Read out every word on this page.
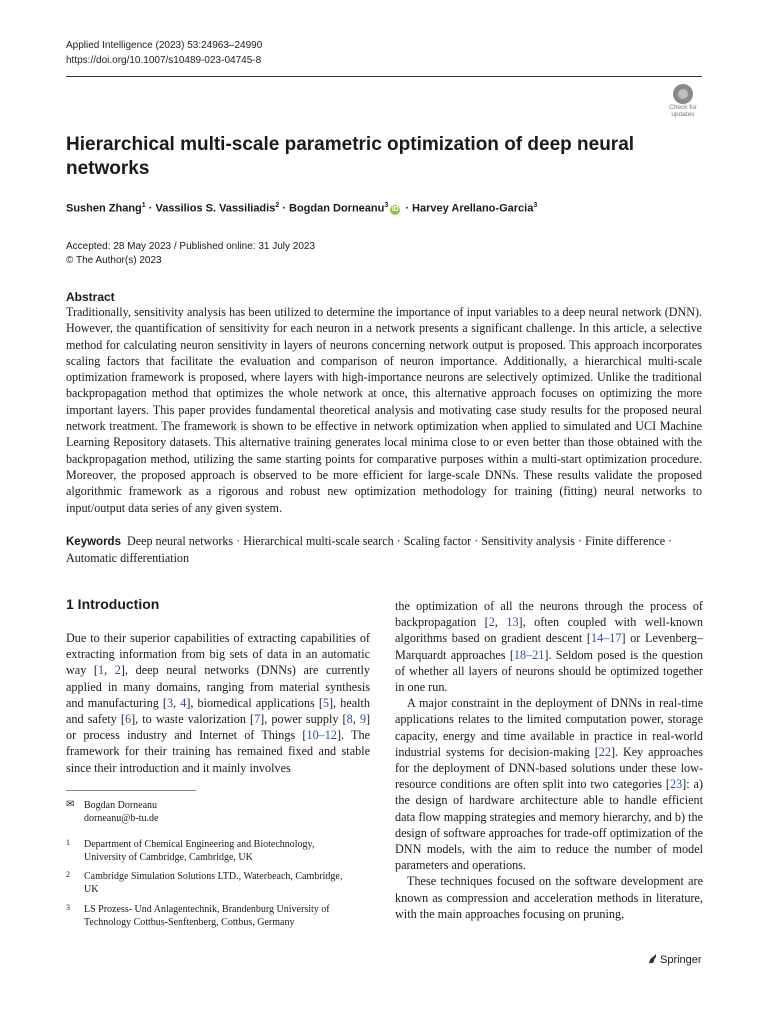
Applied Intelligence (2023) 53:24963–24990
https://doi.org/10.1007/s10489-023-04745-8
Check for updates
Hierarchical multi-scale parametric optimization of deep neural networks
Sushen Zhang$^1$ · Vassilios S. Vassiliadis$^2$ · Bogdan Dorneanu$^3$iD · Harvey Arellano-Garcia$^3$
Accepted: 28 May 2023 / Published online: 31 July 2023
© The Author(s) 2023
Abstract
Traditionally, sensitivity analysis has been utilized to determine the importance of input variables to a deep neural network (DNN). However, the quantification of sensitivity for each neuron in a network presents a significant challenge. In this article, a selective method for calculating neuron sensitivity in layers of neurons concerning network output is proposed. This approach incorporates scaling factors that facilitate the evaluation and comparison of neuron importance. Additionally, a hierarchical multi-scale optimization framework is proposed, where layers with high-importance neurons are selectively optimized. Unlike the traditional backpropagation method that optimizes the whole network at once, this alternative approach focuses on optimizing the more important layers. This paper provides fundamental theoretical analysis and motivating case study results for the proposed neural network treatment. The framework is shown to be effective in network optimization when applied to simulated and UCI Machine Learning Repository datasets. This alternative training generates local minima close to or even better than those obtained with the backpropagation method, utilizing the same starting points for comparative purposes within a multi-start optimization procedure. Moreover, the proposed approach is observed to be more efficient for large-scale DNNs. These results validate the proposed algorithmic framework as a rigorous and robust new optimization methodology for training (fitting) neural networks to input/output data series of any given system.
Keywords Deep neural networks · Hierarchical multi-scale search · Scaling factor · Sensitivity analysis · Finite difference · Automatic differentiation
1 Introduction

Due to their superior capabilities of extracting capabilities of extracting information from big sets of data in an automatic way [1, 2], deep neural networks (DNNs) are currently applied in many domains, ranging from material synthesis and manufacturing [3, 4], biomedical applications [5], health and safety [6], to waste valorization [7], power supply [8, 9] or process industry and Internet of Things [10–12]. The framework for their training has remained fixed and stable since their introduction and it mainly involves

the optimization of all the neurons through the process of backpropagation [2, 13], often coupled with well-known algorithms based on gradient descent [14–17] or Levenberg–Marquardt approaches [18–21]. Seldom posed is the question of whether all layers of neurons should be optimized together in one run.

A major constraint in the deployment of DNNs in real-time applications relates to the limited computation power, storage capacity, energy and time available in practice in real-world industrial systems for decision-making [22]. Key approaches for the deployment of DNN-based solutions under these low-resource conditions are often split into two categories [23]: a) the design of hardware architecture able to handle efficient data flow mapping strategies and memory hierarchy, and b) the design of software approaches for trade-off optimization of the DNN models, with the aim to reduce the number of model parameters and operations.

These techniques focused on the software development are known as compression and acceleration methods in literature, with the main approaches focusing on pruning,

✉ Bogdan Dorneanu
dorneanu@b-tu.de
1	Department of Chemical Engineering and Biotechnology, University of Cambridge, Cambridge, UK
2	Cambridge Simulation Solutions LTD., Waterbeach, Cambridge, UK
3	LS Prozess- Und Anlagentechnik, Brandenburg University of Technology Cottbus-Senftenberg, Cottbus, Germany
Springer
